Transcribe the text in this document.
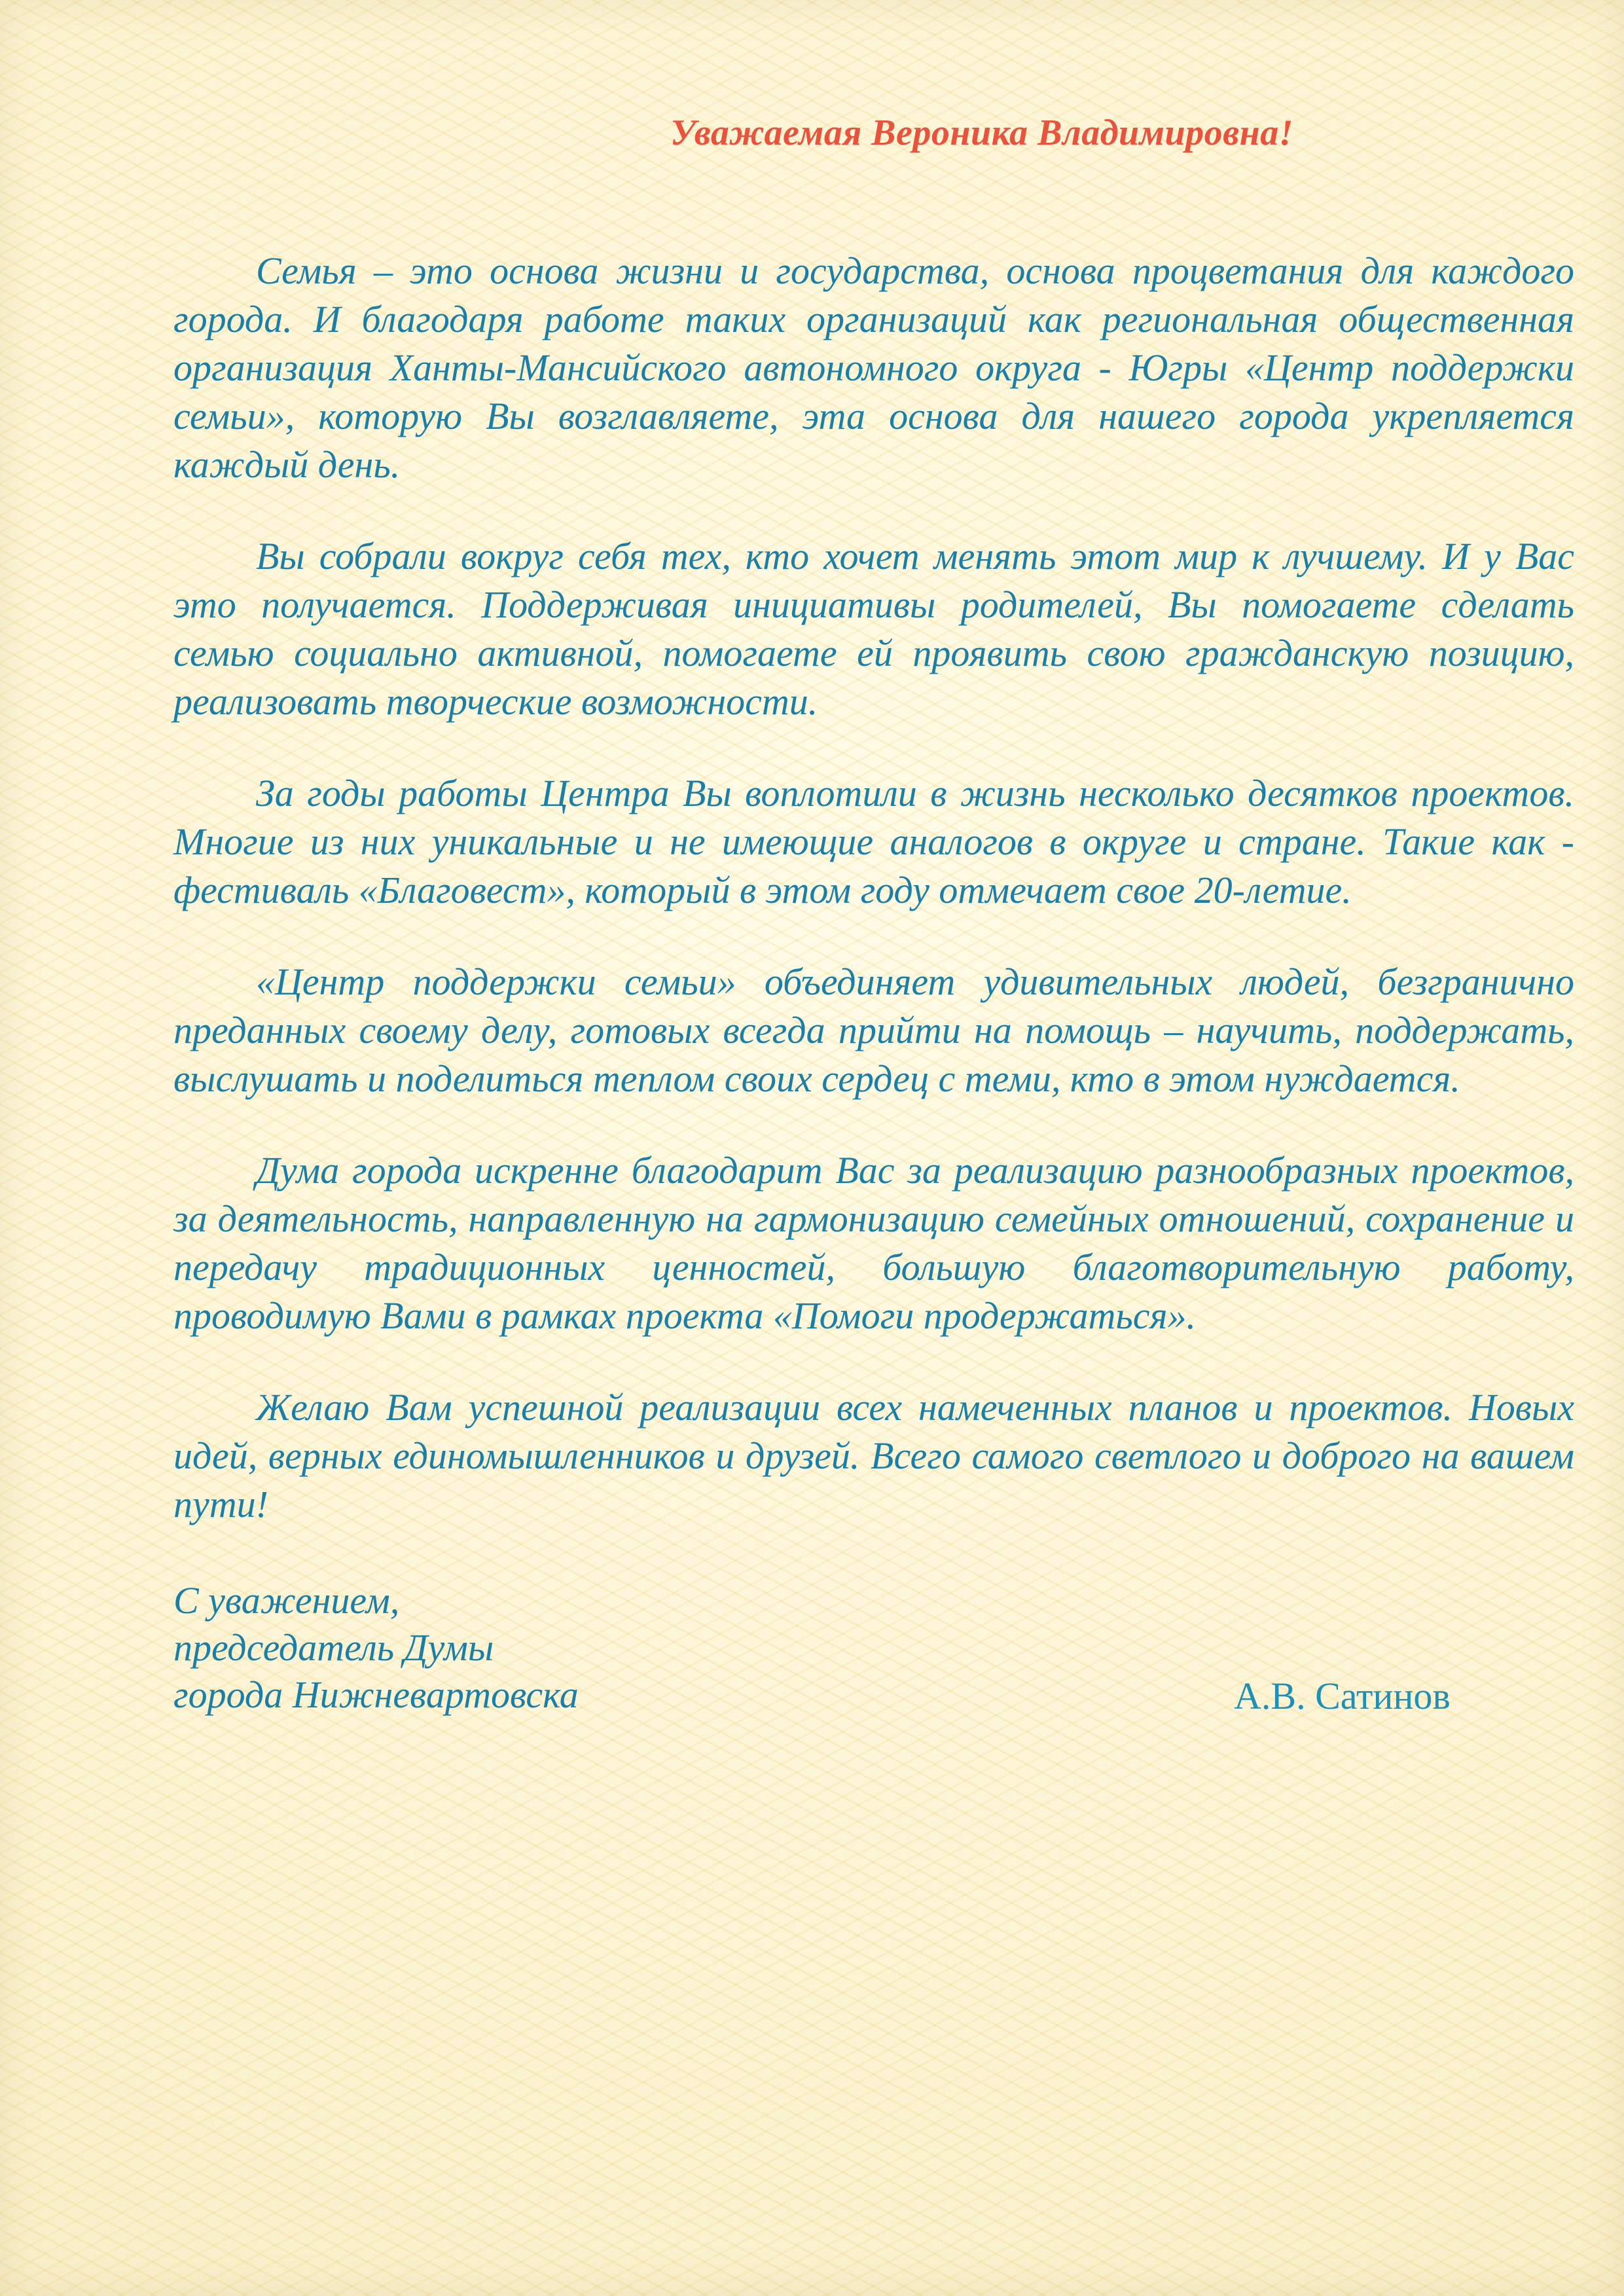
Уважаемая Вероника Владимировна!

Семья – это основа жизни и государства, основа процветания для каждого города. И благодаря работе таких организаций как региональная общественная организация Ханты-Мансийского автономного округа - Югры «Центр поддержки семьи», которую Вы возглавляете, эта основа для нашего города укрепляется каждый день.

Вы собрали вокруг себя тех, кто хочет менять этот мир к лучшему. И у Вас это получается. Поддерживая инициативы родителей, Вы помогаете сделать семью социально активной, помогаете ей проявить свою гражданскую позицию, реализовать творческие возможности.

За годы работы Центра Вы воплотили в жизнь несколько десятков проектов. Многие из них уникальные и не имеющие аналогов в округе и стране. Такие как - фестиваль «Благовест», который в этом году отмечает свое 20-летие.

«Центр поддержки семьи» объединяет удивительных людей, безгранично преданных своему делу, готовых всегда прийти на помощь – научить, поддержать, выслушать и поделиться теплом своих сердец с теми, кто в этом нуждается.

Дума города искренне благодарит Вас за реализацию разнообразных проектов, за деятельность, направленную на гармонизацию семейных отношений, сохранение и передачу традиционных ценностей, большую благотворительную работу, проводимую Вами в рамках проекта «Помоги продержаться».

Желаю Вам успешной реализации всех намеченных планов и проектов. Новых идей, верных единомышленников и друзей. Всего самого светлого и доброго на вашем пути!

С уважением,
председатель Думы
города Нижневартовска	А.В. Сатинов
